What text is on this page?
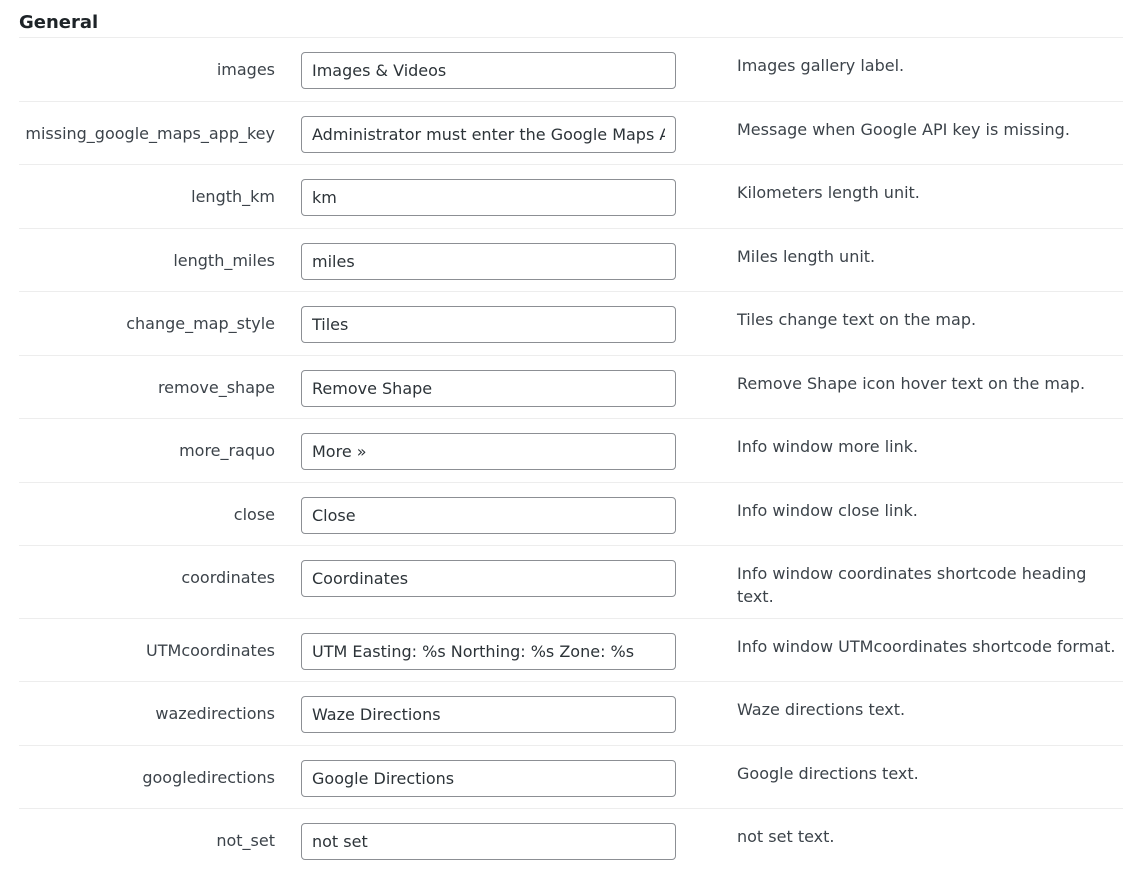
General
images
Images & Videos	Images gallery label.
missing_google_maps_app_key
Administrator must enter the Google Maps API key	Message when Google API key is missing.
length_km
km	Kilometers length unit.
length_miles
miles	Miles length unit.
change_map_style
Tiles	Tiles change text on the map.
remove_shape
Remove Shape	Remove Shape icon hover text on the map.
more_raquo
More »	Info window more link.
close
Close	Info window close link.
coordinates
Coordinates	Info window coordinates shortcode heading text.
UTMcoordinates
UTM Easting: %s Northing: %s Zone: %s	Info window UTMcoordinates shortcode format.
wazedirections
Waze Directions	Waze directions text.
googledirections
Google Directions	Google directions text.
not_set
not set	not set text.
